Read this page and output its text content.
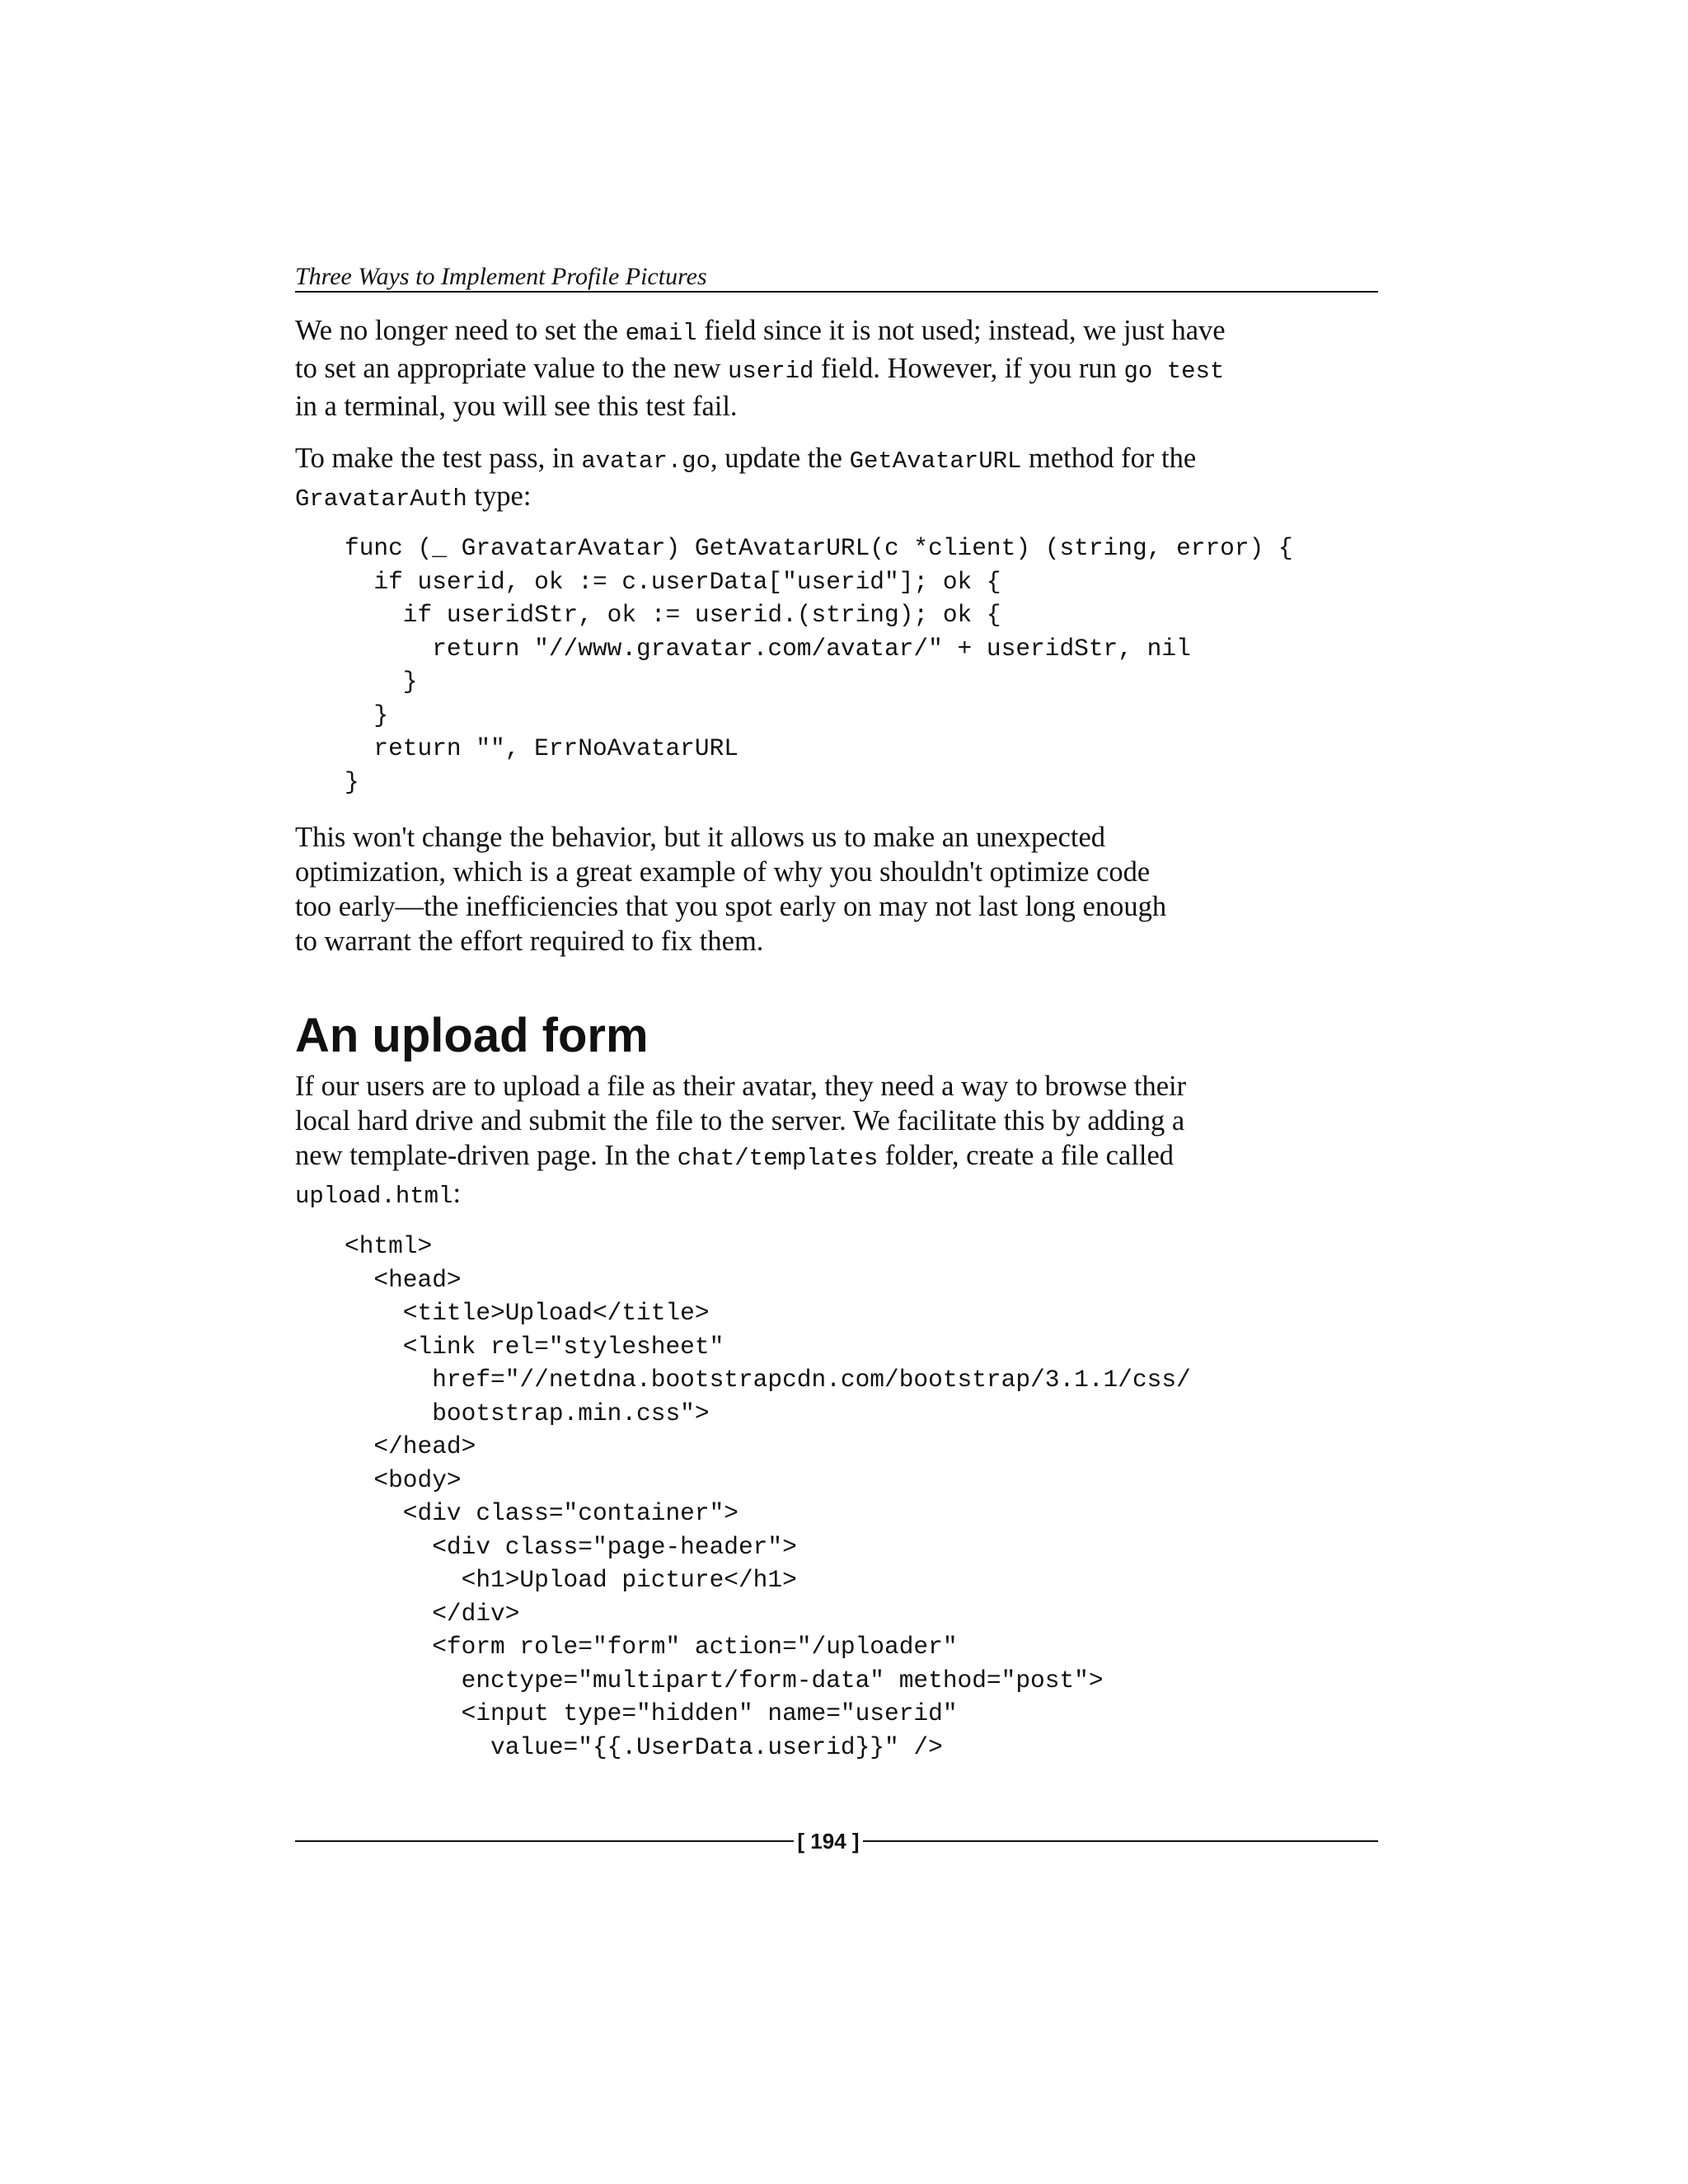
Three Ways to Implement Profile Pictures

We no longer need to set the email field since it is not used; instead, we just have
to set an appropriate value to the new userid field. However, if you run go test
in a terminal, you will see this test fail.

To make the test pass, in avatar.go, update the GetAvatarURL method for the
GravatarAuth type:

func (_ GravatarAvatar) GetAvatarURL(c *client) (string, error) {
if userid, ok := c.userData["userid"]; ok {
if useridStr, ok := userid.(string); ok {
return "//www.gravatar.com/avatar/" + useridStr, nil
}
}
return "", ErrNoAvatarURL
}

This won't change the behavior, but it allows us to make an unexpected
optimization, which is a great example of why you shouldn't optimize code
too early—the inefficiencies that you spot early on may not last long enough
to warrant the effort required to fix them.

An upload form

If our users are to upload a file as their avatar, they need a way to browse their
local hard drive and submit the file to the server. We facilitate this by adding a
new template-driven page. In the chat/templates folder, create a file called
upload.html:

<html>
<head>
<title>Upload</title>
<link rel="stylesheet"
href="//netdna.bootstrapcdn.com/bootstrap/3.1.1/css/
bootstrap.min.css">
</head>
<body>
<div class="container">
<div class="page-header">
<h1>Upload picture</h1>
</div>
<form role="form" action="/uploader"
enctype="multipart/form-data" method="post">
<input type="hidden" name="userid"
value="{{.UserData.userid}}" />
[ 194 ]
